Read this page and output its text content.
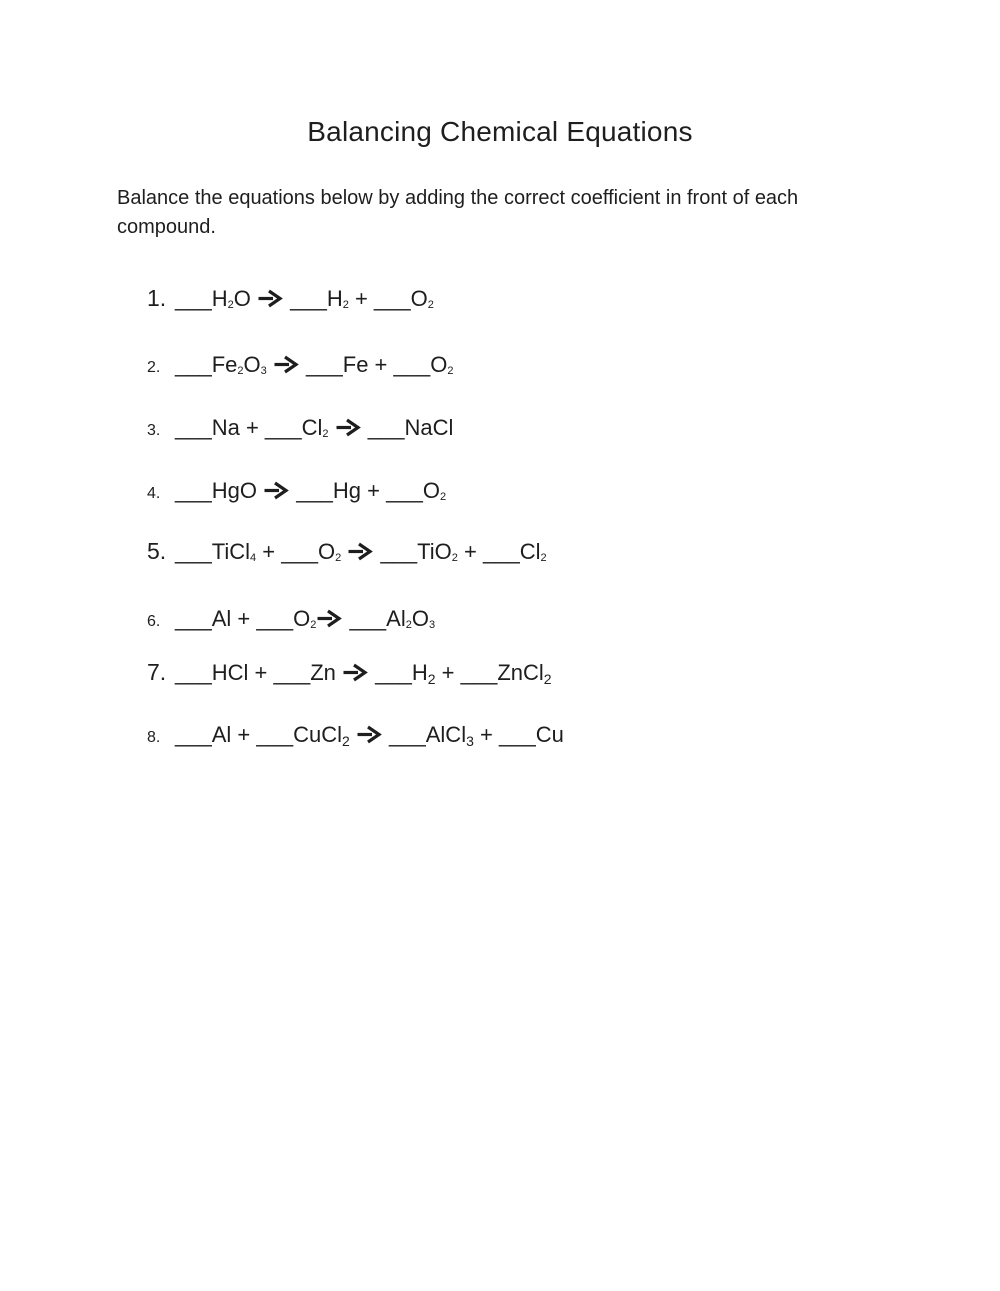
Balancing Chemical Equations

Balance the equations below by adding the correct coefficient in front of each
compound.

1. ___H2O  ___H2 + ___O2
2. ___Fe2O3 ___Fe + ___O2
3. ___Na + ___Cl2 ___NaCl
4. ___HgO  ___Hg + ___O2
5. ___TiCl4 + ___O2 ___TiO2 + ___Cl2
6. ___Al + ___O2 ___Al2O3
7. ___HCl + ___Zn  $\_\_\_H_2$ + ___ZnCl$_2$
8. ___Al + ___CuCl$_2$ ___AlCl$_3$ + ___Cu
